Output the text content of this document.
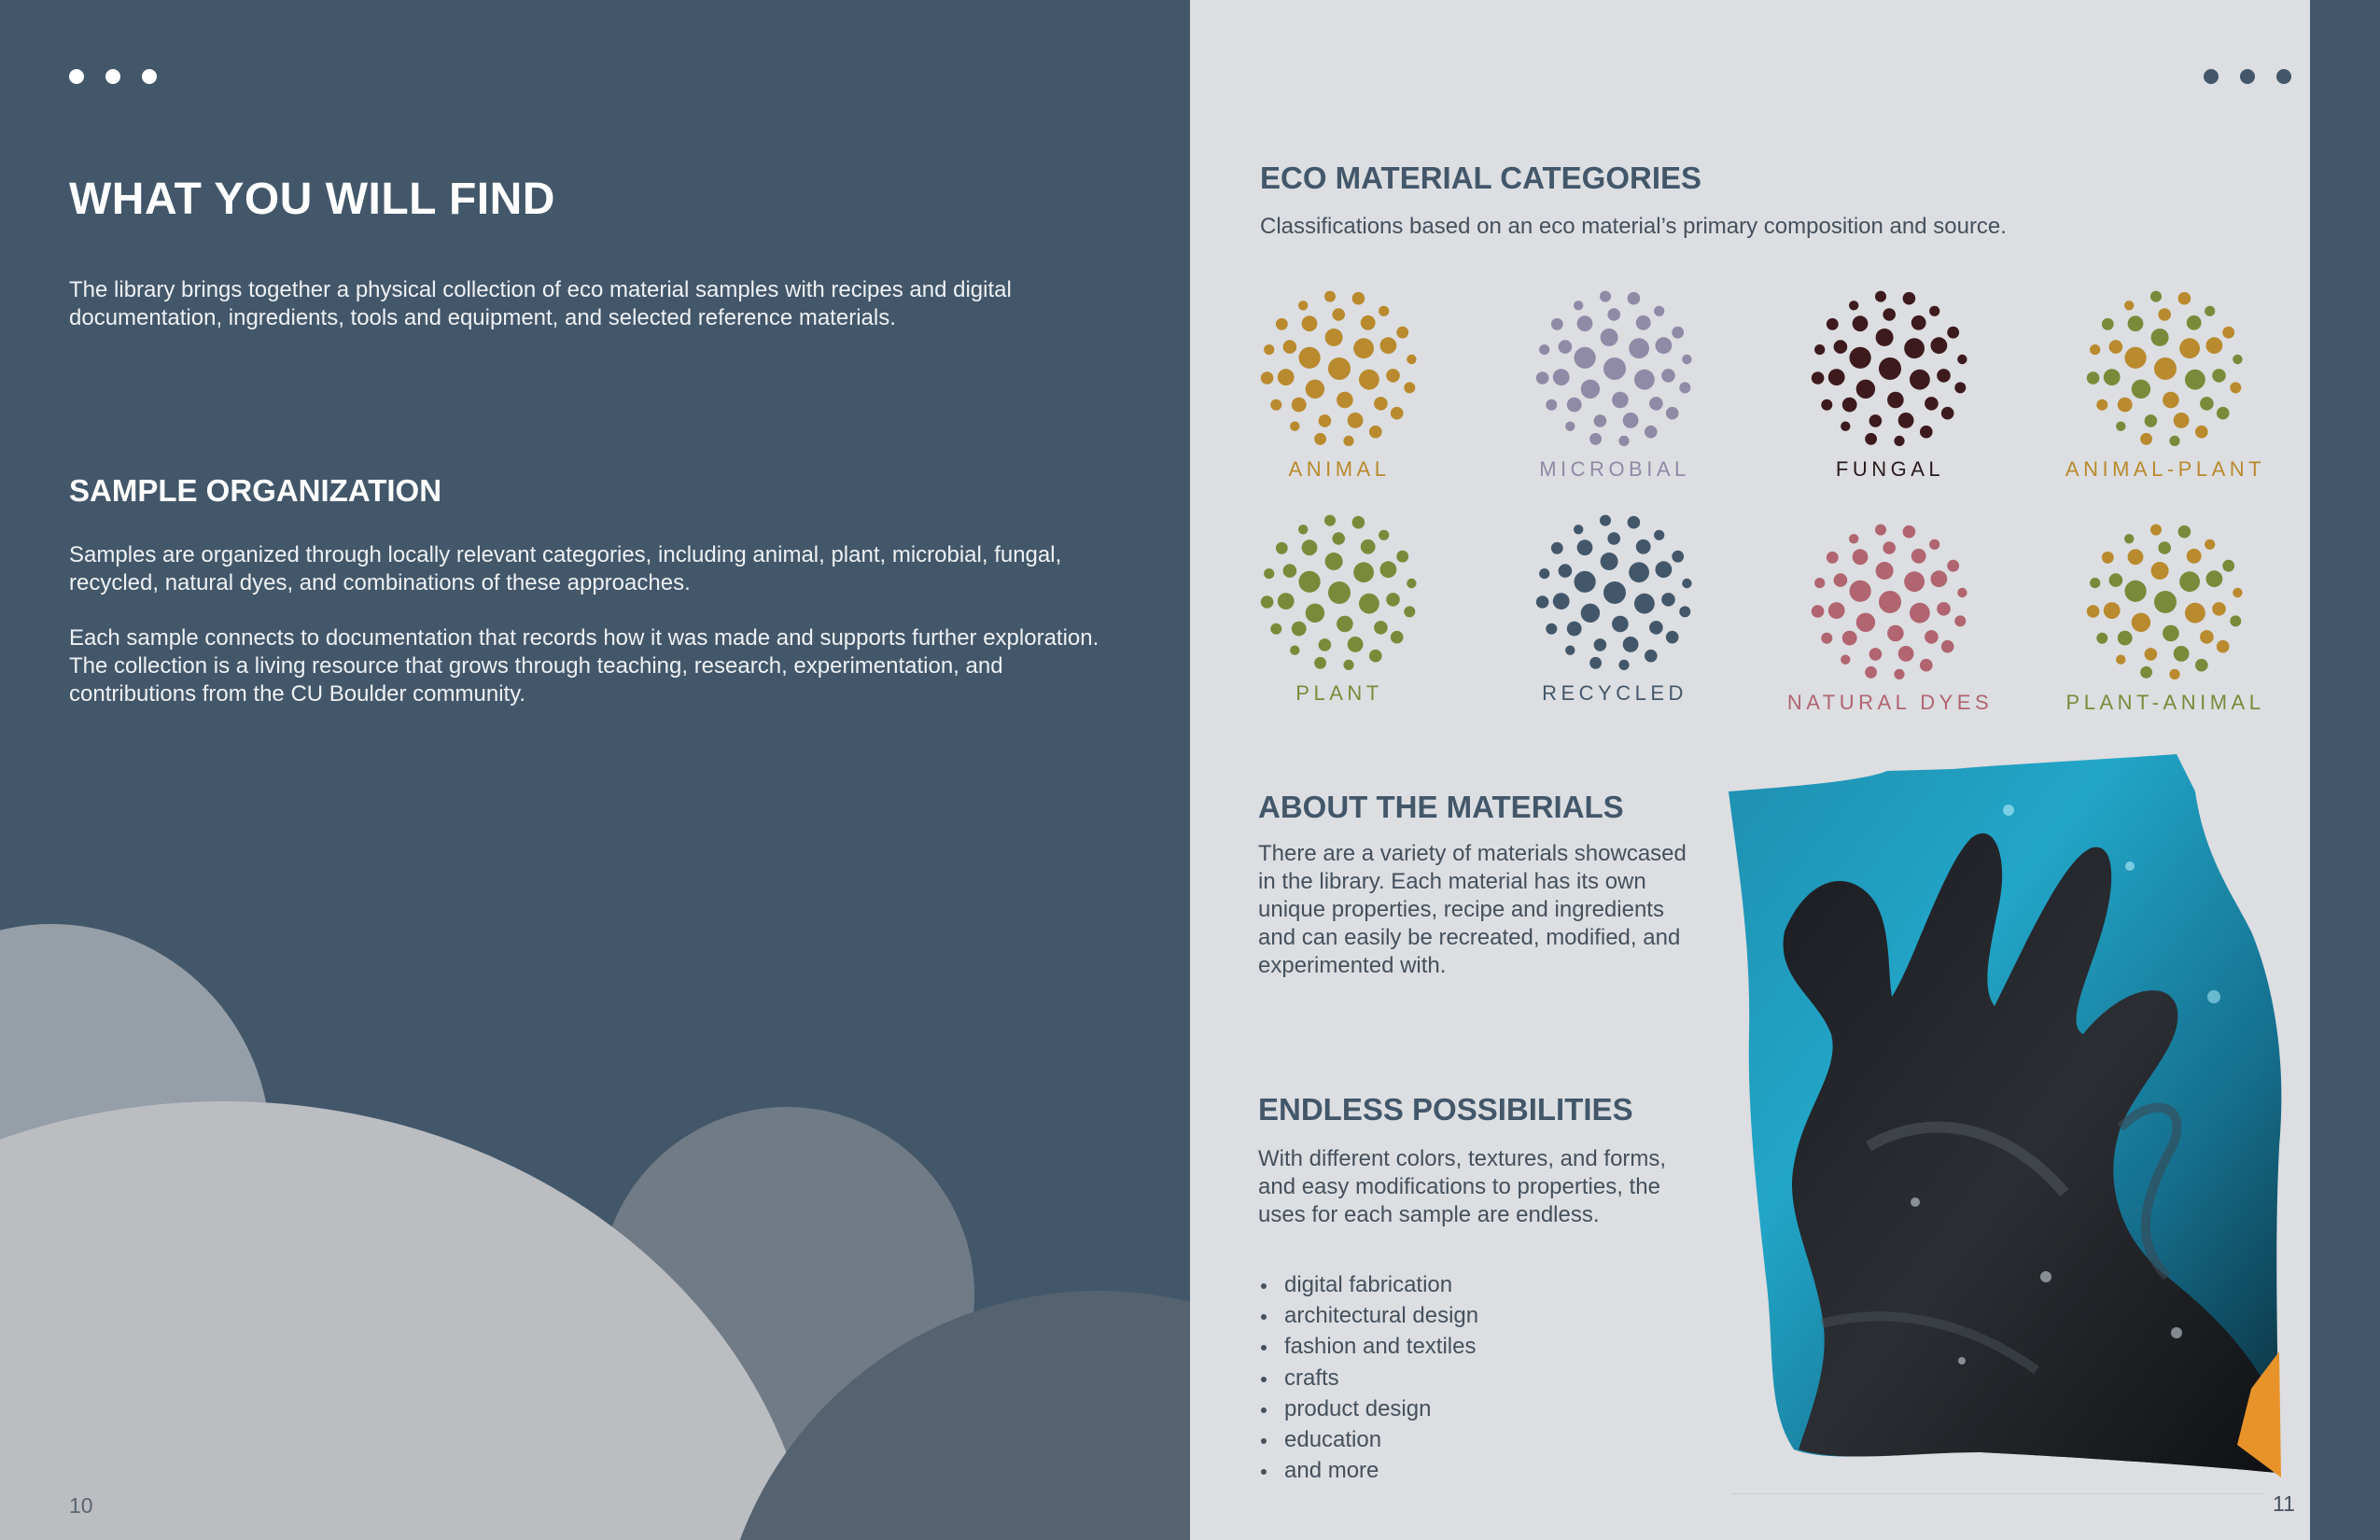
WHAT YOU WILL FIND

The library brings together a physical collection of eco material samples with recipes and digital documentation, ingredients, tools and equipment, and selected reference materials.

SAMPLE ORGANIZATION

Samples are organized through locally relevant categories, including animal, plant, microbial, fungal, recycled, natural dyes, and combinations of these approaches.

Each sample connects to documentation that records how it was made and supports further exploration. The collection is a living resource that grows through teaching, research, experimentation, and contributions from the CU Boulder community.

10
ECO MATERIAL CATEGORIES

Classifications based on an eco material’s primary composition and source.

ANIMAL	MICROBIAL	FUNGAL	ANIMAL-PLANT
PLANT	RECYCLED	NATURAL DYES	PLANT-ANIMAL
ABOUT THE MATERIALS

There are a variety of materials showcased in the library. Each material has its own unique properties, recipe and ingredients and can easily be recreated, modified, and experimented with.

ENDLESS POSSIBILITIES

With different colors, textures, and forms, and easy modifications to properties, the uses for each sample are endless.

digital fabrication
architectural design
fashion and textiles
crafts
product design
education
and more
11
